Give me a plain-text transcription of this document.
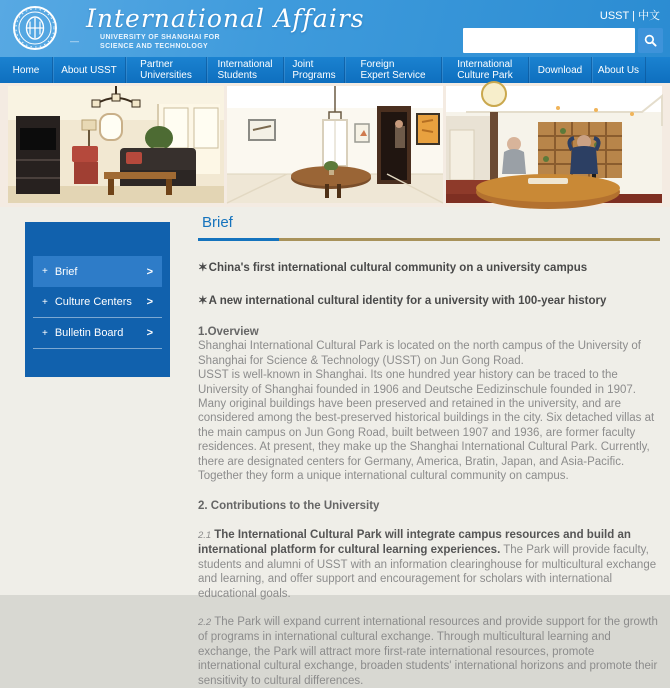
International Affairs
—	UNIVERSITY OF SHANGHAI FOR
SCIENCE AND TECHNOLOGY
USST | 中文
Home About USST Partner
Universities
International
Students
Joint
Programs
Foreign
Expert Service
International
Culture Park Download About Us
+ Brief	>
+ Culture Centers	>
+ Bulletin Board	>
Brief
✶China's first international cultural community on a university campus
✶A new international cultural identity for a university with 100-year history
1.Overview

Shanghai International Cultural Park is located on the north campus of the University of Shanghai for Science & Technology (USST) on Jun Gong Road.

USST is well-known in Shanghai. Its one hundred year history can be traced to the University of Shanghai founded in 1906 and Deutsche Eedizinschule founded in 1907. Many original buildings have been preserved and retained in the university, and are considered among the best-preserved historical buildings in the city. Six detached villas at the main campus on Jun Gong Road, built between 1907 and 1936, are former faculty residences. At present, they make up the Shanghai International Cultural Park. Currently, there are designated centers for Germany, America, Bratin, Japan, and Asia-Pacific. Together they form a unique international cultural community on campus.

2. Contributions to the University

2.1 The International Cultural Park will integrate campus resources and build an international platform for cultural learning experiences. The Park will provide faculty, students and alumni of USST with an information clearinghouse for multicultural exchange and learning, and offer support and encouragement for scholars with international educational goals.

2.2 The Park will expand current international resources and provide support for the growth of programs in international cultural exchange. Through multicultural learning and exchange, the Park will attract more first-rate international resources, promote international cultural exchange, broaden students' international horizons and promote their sensitivity to cultural differences.
